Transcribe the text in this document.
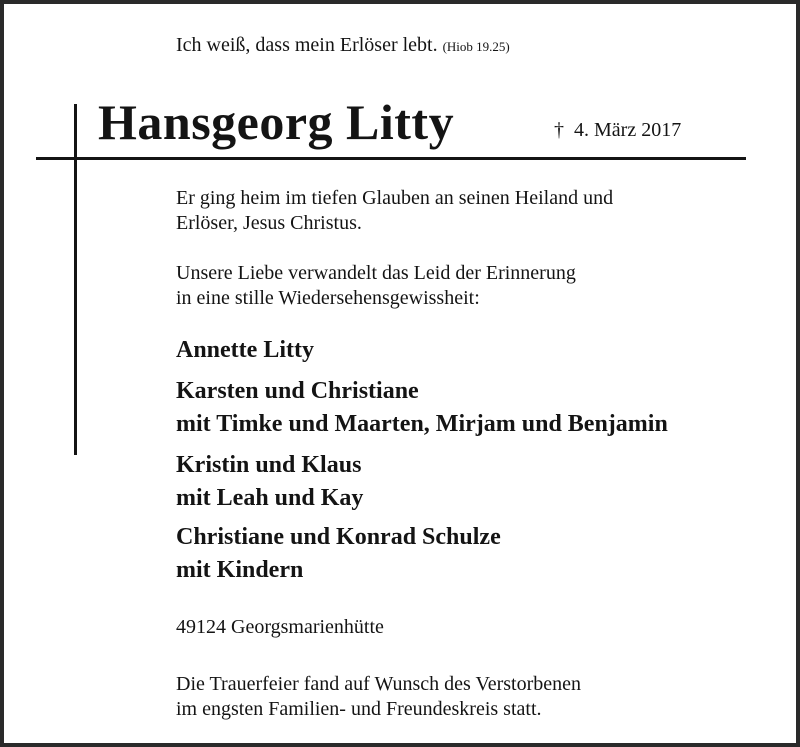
Ich weiß, dass mein Erlöser lebt. (Hiob 19.25)
Hansgeorg Litty	† 4. März 2017
Er ging heim im tiefen Glauben an seinen Heiland und
Erlöser, Jesus Christus.
Unsere Liebe verwandelt das Leid der Erinnerung
in eine stille Wiedersehensgewissheit:
Annette Litty
Karsten und Christiane
mit Timke und Maarten, Mirjam und Benjamin
Kristin und Klaus
mit Leah und Kay
Christiane und Konrad Schulze
mit Kindern
49124 Georgsmarienhütte
Die Trauerfeier fand auf Wunsch des Verstorbenen
im engsten Familien- und Freundeskreis statt.
